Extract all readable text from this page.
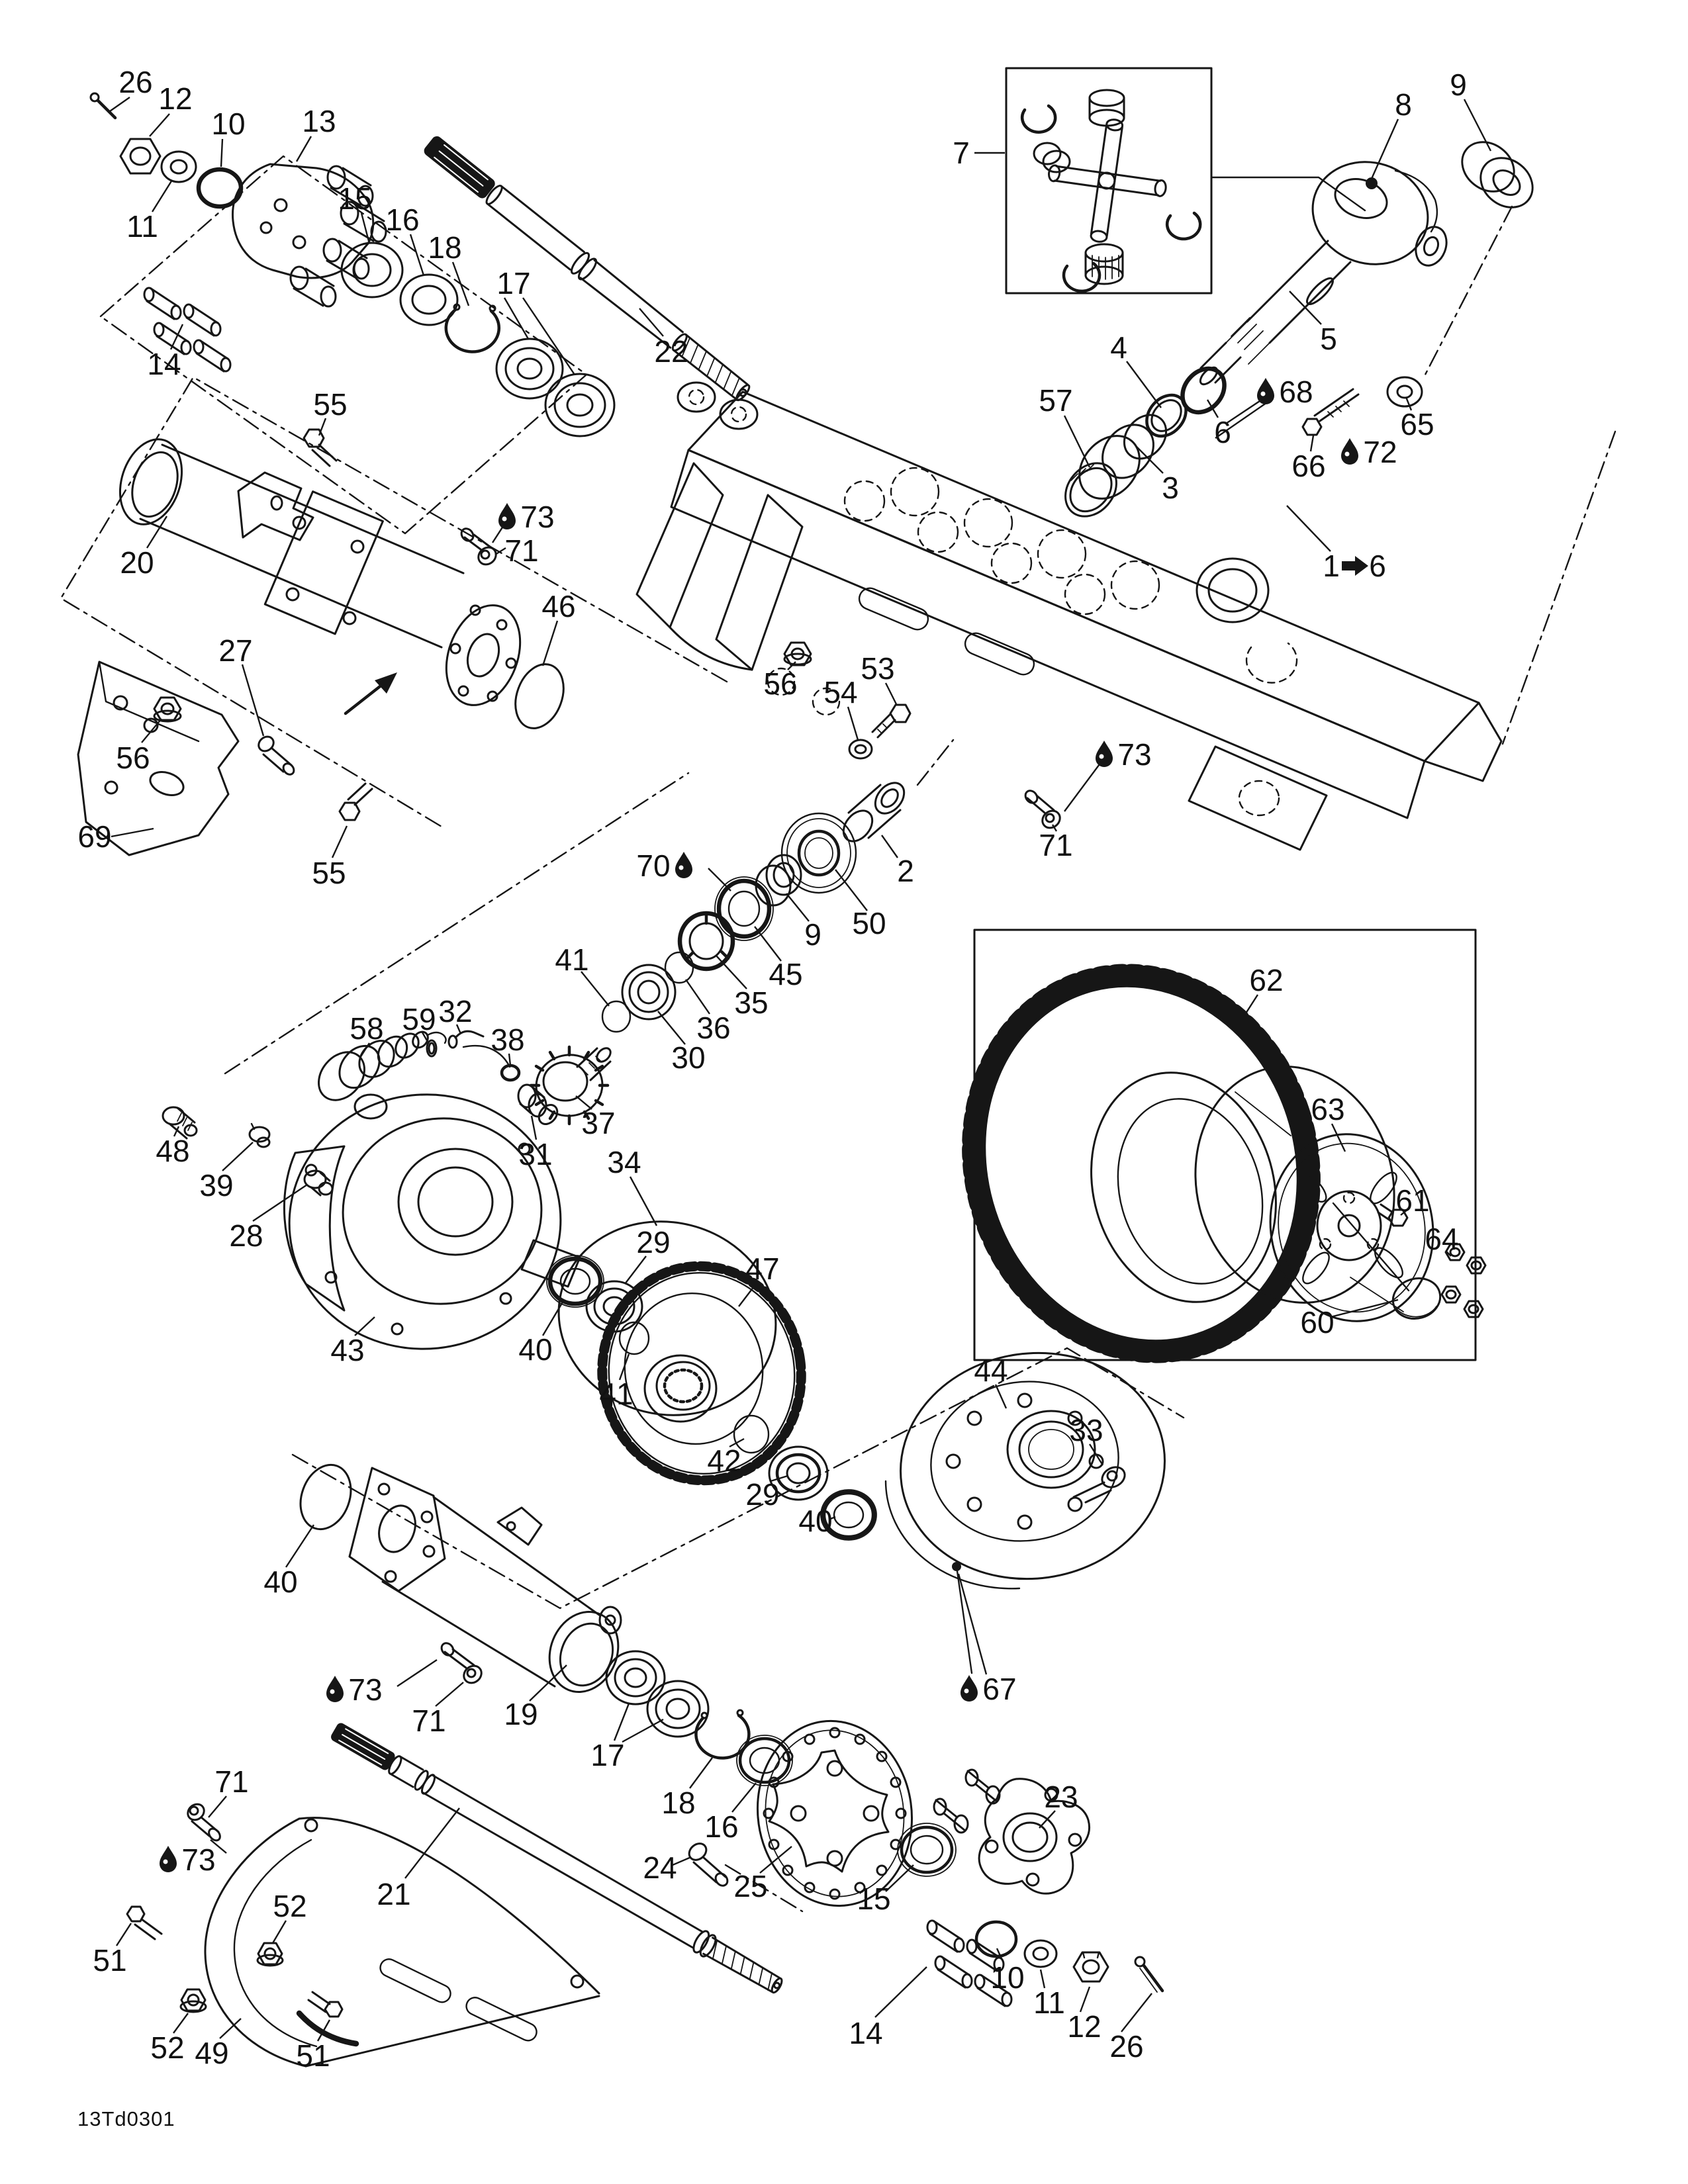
26 12
10 13
11
15
16
18
17
14	22
7
8
9
5
4
57
3
6
68
65
66 72
1 6
55
20
73
71
46
27
56
69
55
56 54
53
2
73
71
70
9 50
45
35
36
30
41
37
31
38
32
59
58
48
39
28
43
34
40
29
41
47
42
29
40
44
33
67
62
63
61
64
60
40
19
73
71
17
18
16
71
73
21
24
25	15
23
10
11
12
26
14
51
52
52 49 51
13Td0301
